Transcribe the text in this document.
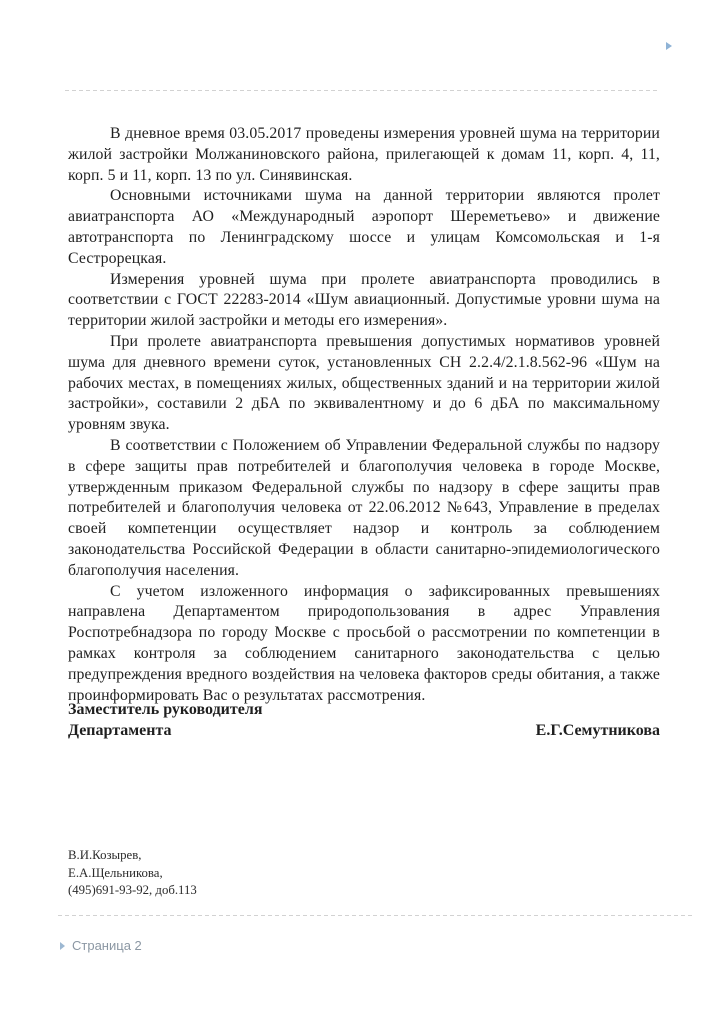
В дневное время 03.05.2017 проведены измерения уровней шума на территории жилой застройки Молжаниновского района, прилегающей к домам 11, корп. 4, 11, корп. 5 и 11, корп. 13 по ул. Синявинская.

Основными источниками шума на данной территории являются пролет авиатранспорта АО «Международный аэропорт Шереметьево» и движение автотранспорта по Ленинградскому шоссе и улицам Комсомольская и 1-я Сестрорецкая.

Измерения уровней шума при пролете авиатранспорта проводились в соответствии с ГОСТ 22283-2014 «Шум авиационный. Допустимые уровни шума на территории жилой застройки и методы его измерения».

При пролете авиатранспорта превышения допустимых нормативов уровней шума для дневного времени суток, установленных СН 2.2.4/2.1.8.562-96 «Шум на рабочих местах, в помещениях жилых, общественных зданий и на территории жилой застройки», составили 2 дБА по эквивалентному и до 6 дБА по максимальному уровням звука.

В соответствии с Положением об Управлении Федеральной службы по надзору в сфере защиты прав потребителей и благополучия человека в городе Москве, утвержденным приказом Федеральной службы по надзору в сфере защиты прав потребителей и благополучия человека от 22.06.2012 №643, Управление в пределах своей компетенции осуществляет надзор и контроль за соблюдением законодательства Российской Федерации в области санитарно-эпидемиологического благополучия населения.

С учетом изложенного информация о зафиксированных превышениях направлена Департаментом природопользования в адрес Управления Роспотребнадзора по городу Москве с просьбой о рассмотрении по компетенции в рамках контроля за соблюдением санитарного законодательства с целью предупреждения вредного воздействия на человека факторов среды обитания, а также проинформировать Вас о результатах рассмотрения.

Заместитель руководителя
Департамента	Е.Г.Семутникова
В.И.Козырев,
Е.А.Щельникова,
(495)691-93-92, доб.113
Страница 2
